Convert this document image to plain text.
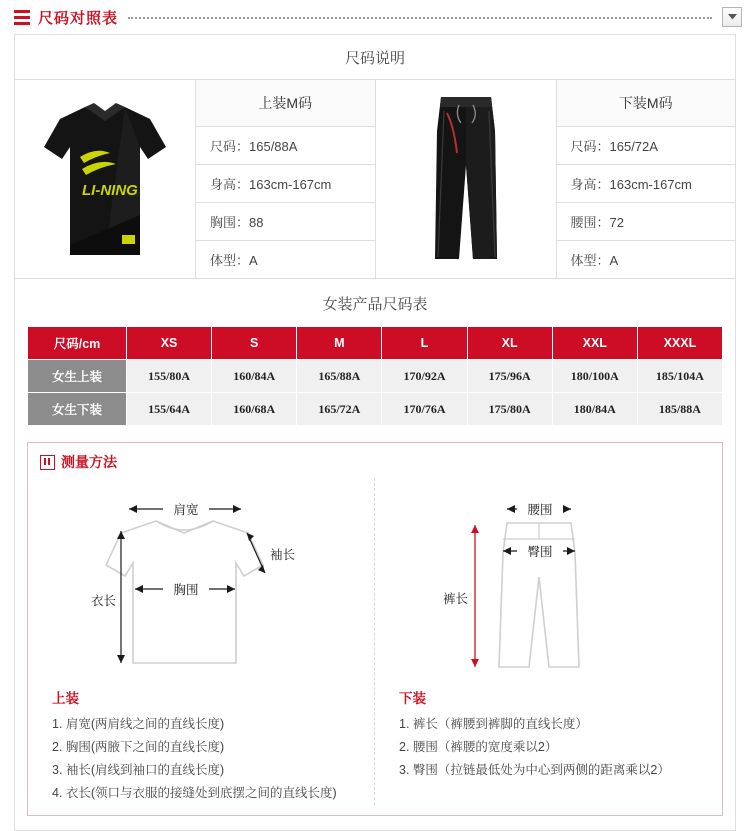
尺码对照表
尺码说明
LI-NING
上装M码
尺码：165/88A
身高：163cm-167cm
胸围：88
体型：A
下装M码
尺码：165/72A
身高：163cm-167cm
腰围：72
体型：A
女装产品尺码表
尺码/cm	XS	S	M	L	XL	XXL	XXXL
女生上装	155/80A	160/84A	165/88A	170/92A	175/96A	180/100A	185/104A
女生下装	155/64A	160/68A	165/72A	170/76A	175/80A	180/84A	185/88A
测量方法
肩宽
袖长
胸围
衣长
上装
1. 肩宽(两肩线之间的直线长度)
2. 胸围(两腋下之间的直线长度)
3. 袖长(肩线到袖口的直线长度)
4. 衣长(领口与衣服的接缝处到底摆之间的直线长度)
腰围
臀围
裤长
下装
1. 裤长（裤腰到裤脚的直线长度）
2. 腰围（裤腰的宽度乘以2）
3. 臀围（拉链最低处为中心到两侧的距离乘以2）
